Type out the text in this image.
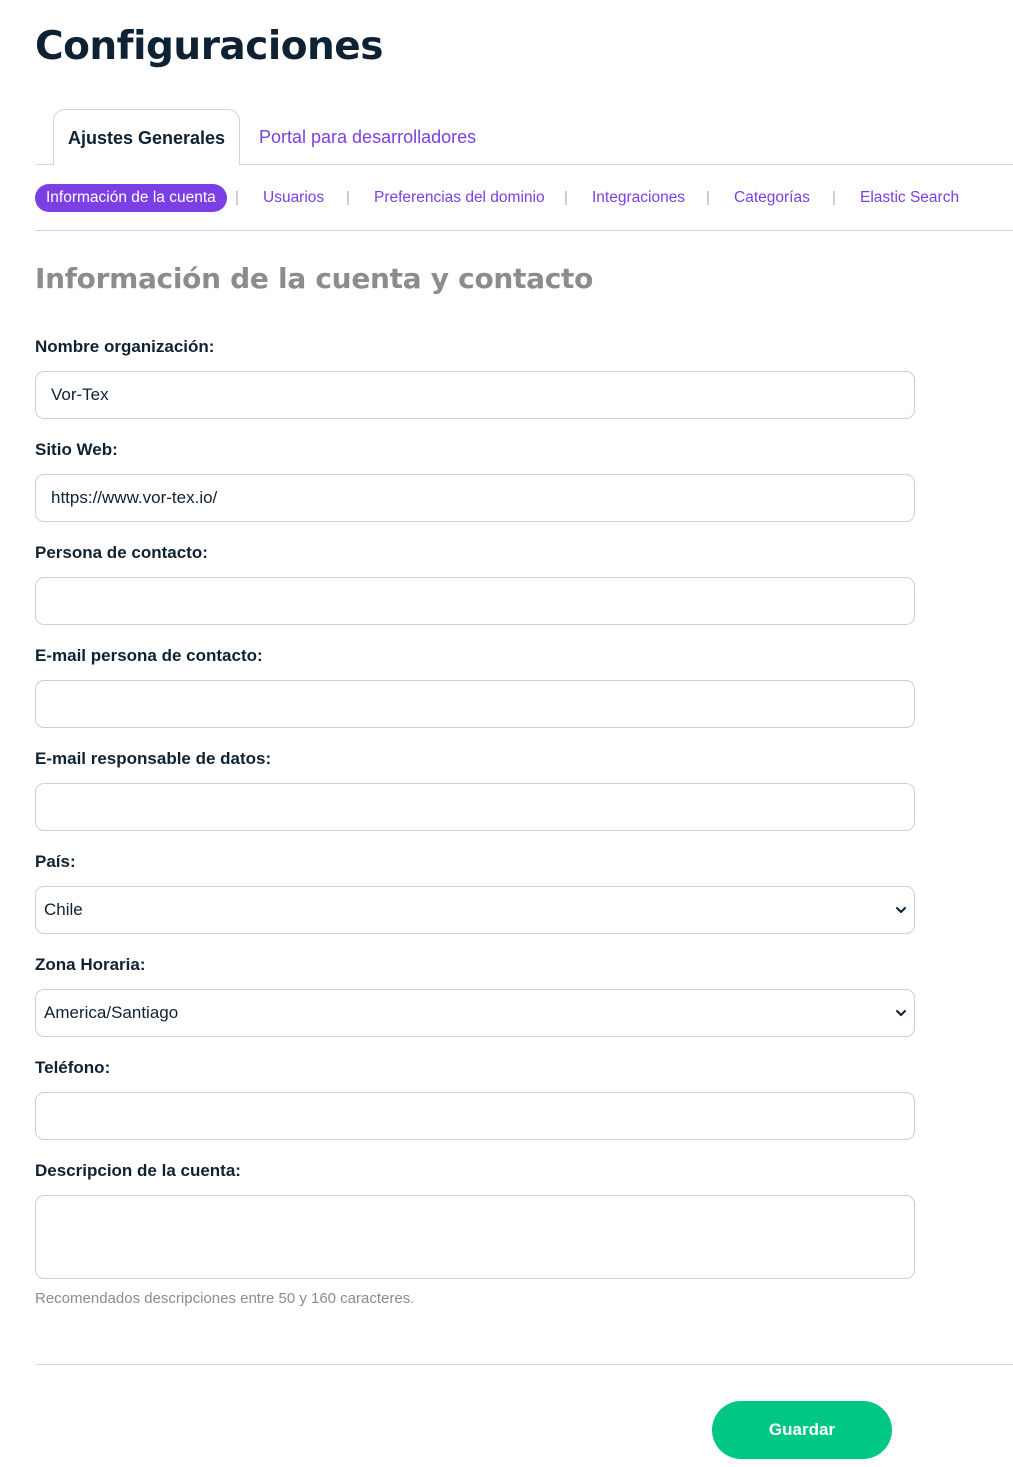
Configuraciones
Ajustes Generales	Portal para desarrolladores
Información de la cuenta	| Usuarios | Preferencias del dominio | Integraciones | Categorías | Elastic Search
Información de la cuenta y contacto
Nombre organización:
Vor-Tex
Sitio Web:
https://www.vor-tex.io/
Persona de contacto:
E-mail persona de contacto:
E-mail responsable de datos:
País:
Chile
Zona Horaria:
America/Santiago
Teléfono:
Descripcion de la cuenta:
Recomendados descripciones entre 50 y 160 caracteres.
Guardar
